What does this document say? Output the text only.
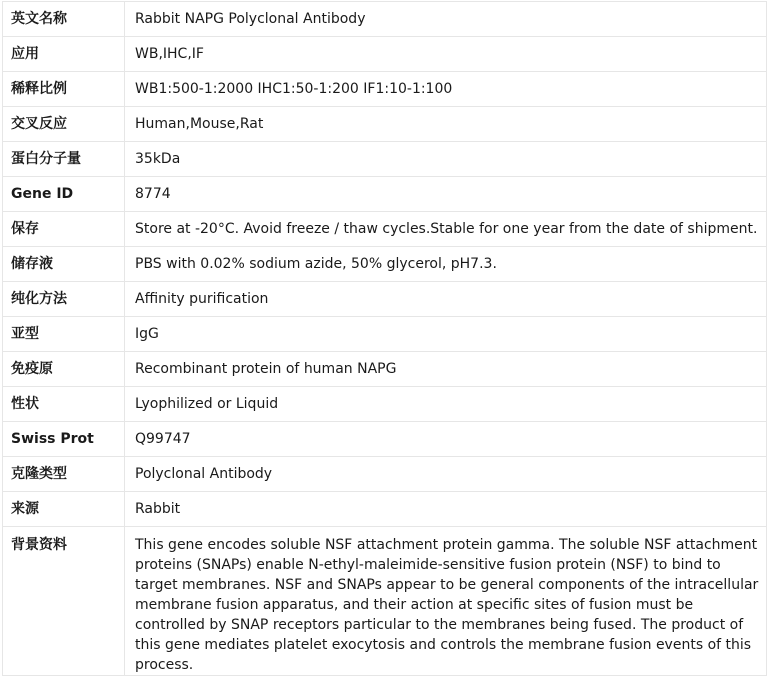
英文名称	Rabbit NAPG Polyclonal Antibody
应用	WB,IHC,IF
稀释比例	WB1:500-1:2000 IHC1:50-1:200 IF1:10-1:100
交叉反应	Human,Mouse,Rat
蛋白分子量	35kDa
Gene ID	8774
保存	Store at -20°C. Avoid freeze / thaw cycles.Stable for one year from the date of shipment.
储存液	PBS with 0.02% sodium azide, 50% glycerol, pH7.3.
纯化方法	Affinity purification
亚型	IgG
免疫原	Recombinant protein of human NAPG
性状	Lyophilized or Liquid
Swiss Prot	Q99747
克隆类型	Polyclonal Antibody
来源	Rabbit
背景资料	This gene encodes soluble NSF attachment protein gamma. The soluble NSF attachment proteins (SNAPs) enable N-ethyl-maleimide-sensitive fusion protein (NSF) to bind to target membranes. NSF and SNAPs appear to be general components of the intracellular membrane fusion apparatus, and their action at specific sites of fusion must be controlled by SNAP receptors particular to the membranes being fused. The product of this gene mediates platelet exocytosis and controls the membrane fusion events of this process.
